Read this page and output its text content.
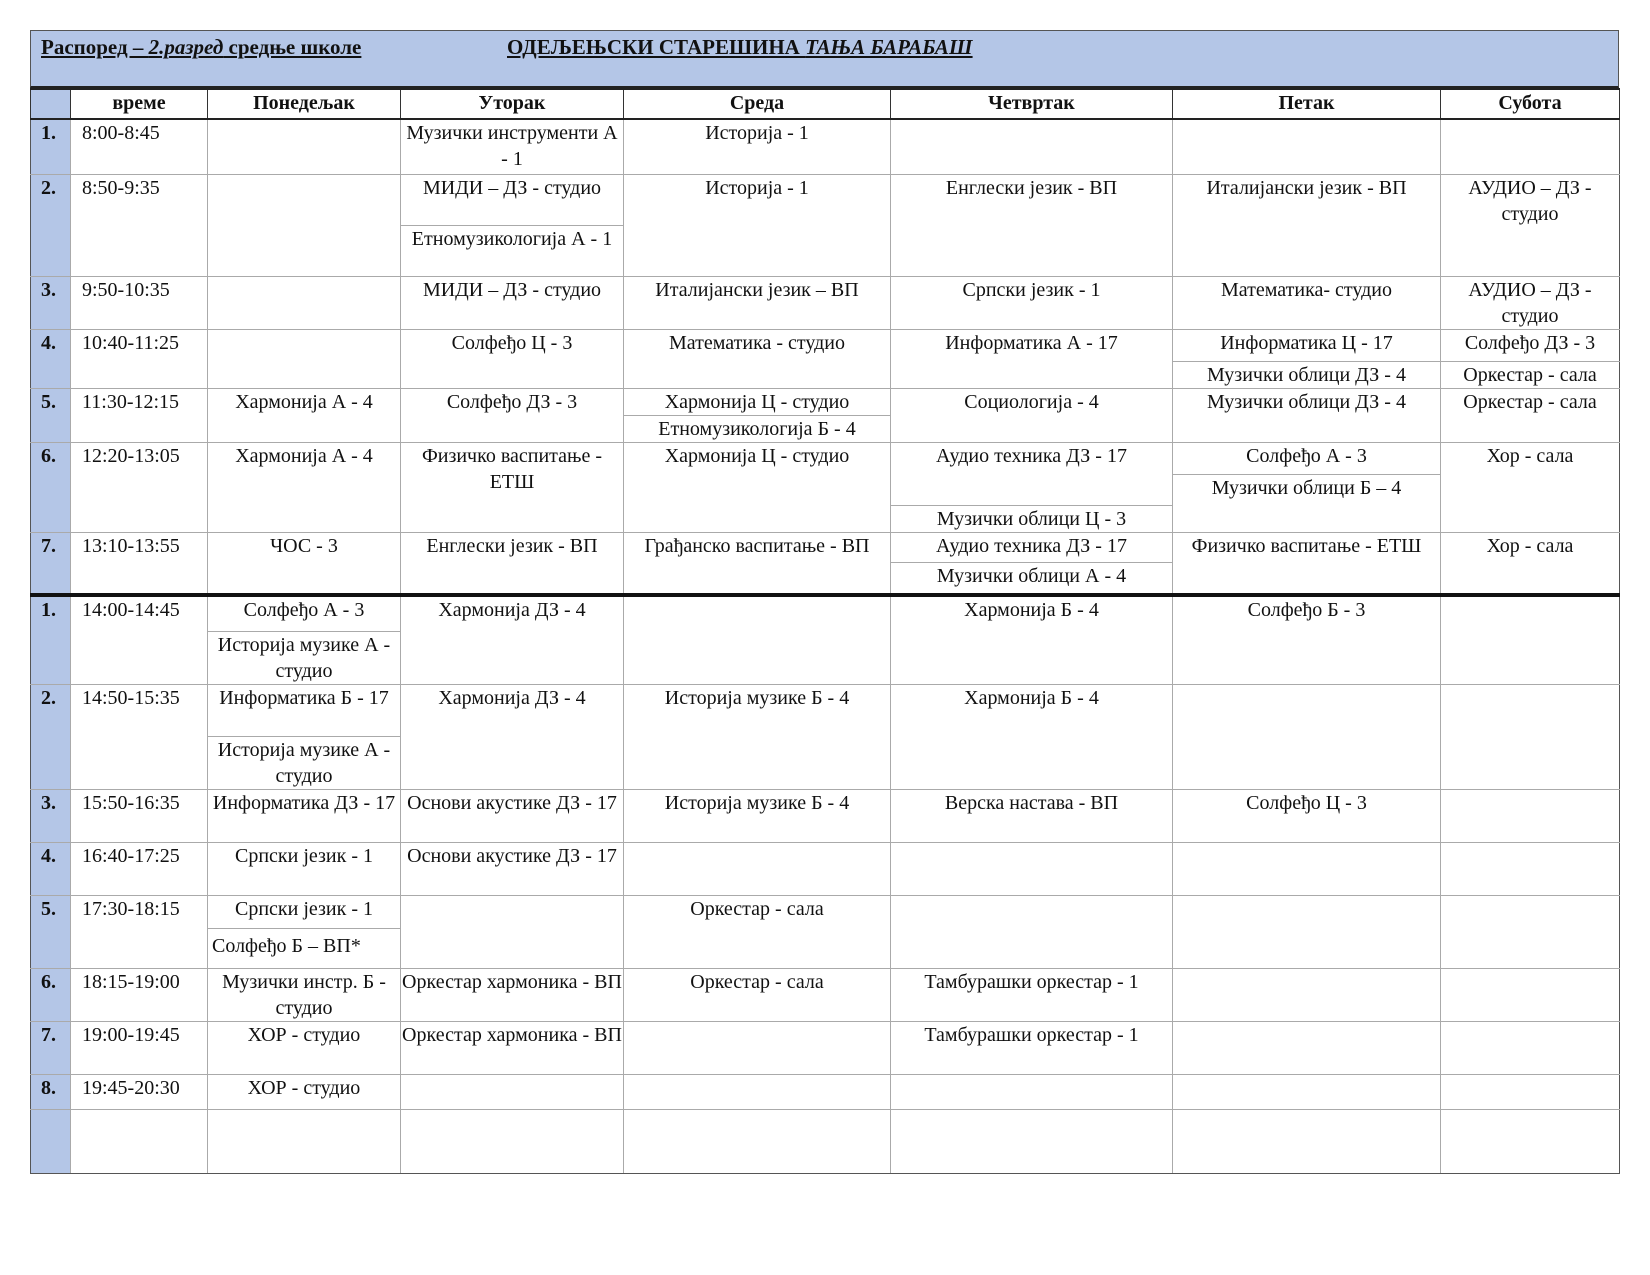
Распоред – 2.разред средње школе	ОДЕЉЕЊСКИ СТАРЕШИНА ТАЊА БАРАБАШ
	време	Понедељак	Уторак	Среда	Четвртак	Петак	Субота
1.	8:00-8:45		Музички инструменти А - 1	Историја - 1			
2.	8:50-9:35		МИДИ – ДЗ - студио	Историја - 1	Енглески језик - ВП	Италијански језик - ВП	АУДИО – ДЗ - студио
			Етномузикологија А - 1				
3.	9:50-10:35		МИДИ – ДЗ - студио	Италијански језик – ВП	Српски језик - 1	Математика- студио	АУДИО – ДЗ - студио
4.	10:40-11:25		Солфеђо Ц - 3	Математика - студио	Информатика А - 17	Информатика Ц - 17	Солфеђо ДЗ - 3
						Музички облици ДЗ - 4	Оркестар - сала
5.	11:30-12:15	Хармонија А - 4	Солфеђо ДЗ - 3	Хармонија Ц - студио	Социологија - 4	Музички облици ДЗ - 4	Оркестар - сала
				Етномузикологија Б - 4			
6.	12:20-13:05	Хармонија А - 4	Физичко васпитање - ЕТШ	Хармонија Ц - студио	Аудио техника ДЗ - 17	Солфеђо А - 3	Хор - сала
						Музички облици Б – 4	
					Музички облици Ц - 3		
7.	13:10-13:55	ЧОС - 3	Енглески језик - ВП	Грађанско васпитање - ВП	Аудио техника ДЗ - 17	Физичко васпитање - ЕТШ	Хор - сала
					Музички облици А - 4		
1.	14:00-14:45	Солфеђо А - 3	Хармонија ДЗ - 4		Хармонија Б - 4	Солфеђо Б - 3	
		Историја музике А - студио					
2.	14:50-15:35	Информатика Б - 17	Хармонија ДЗ - 4	Историја музике Б - 4	Хармонија Б - 4		
		Историја музике А - студио					
3.	15:50-16:35	Информатика ДЗ - 17	Основи акустике ДЗ - 17	Историја музике Б - 4	Верска настава - ВП	Солфеђо Ц - 3	
4.	16:40-17:25	Српски језик - 1	Основи акустике ДЗ - 17				
5.	17:30-18:15	Српски језик - 1		Оркестар - сала			
		Солфеђо Б – ВП*					
6.	18:15-19:00	Музички инстр. Б - студио	Оркестар хармоника - ВП	Оркестар - сала	Тамбурашки оркестар - 1		
7.	19:00-19:45	ХОР - студио	Оркестар хармоника - ВП		Тамбурашки оркестар - 1		
8.	19:45-20:30	ХОР - студио					
